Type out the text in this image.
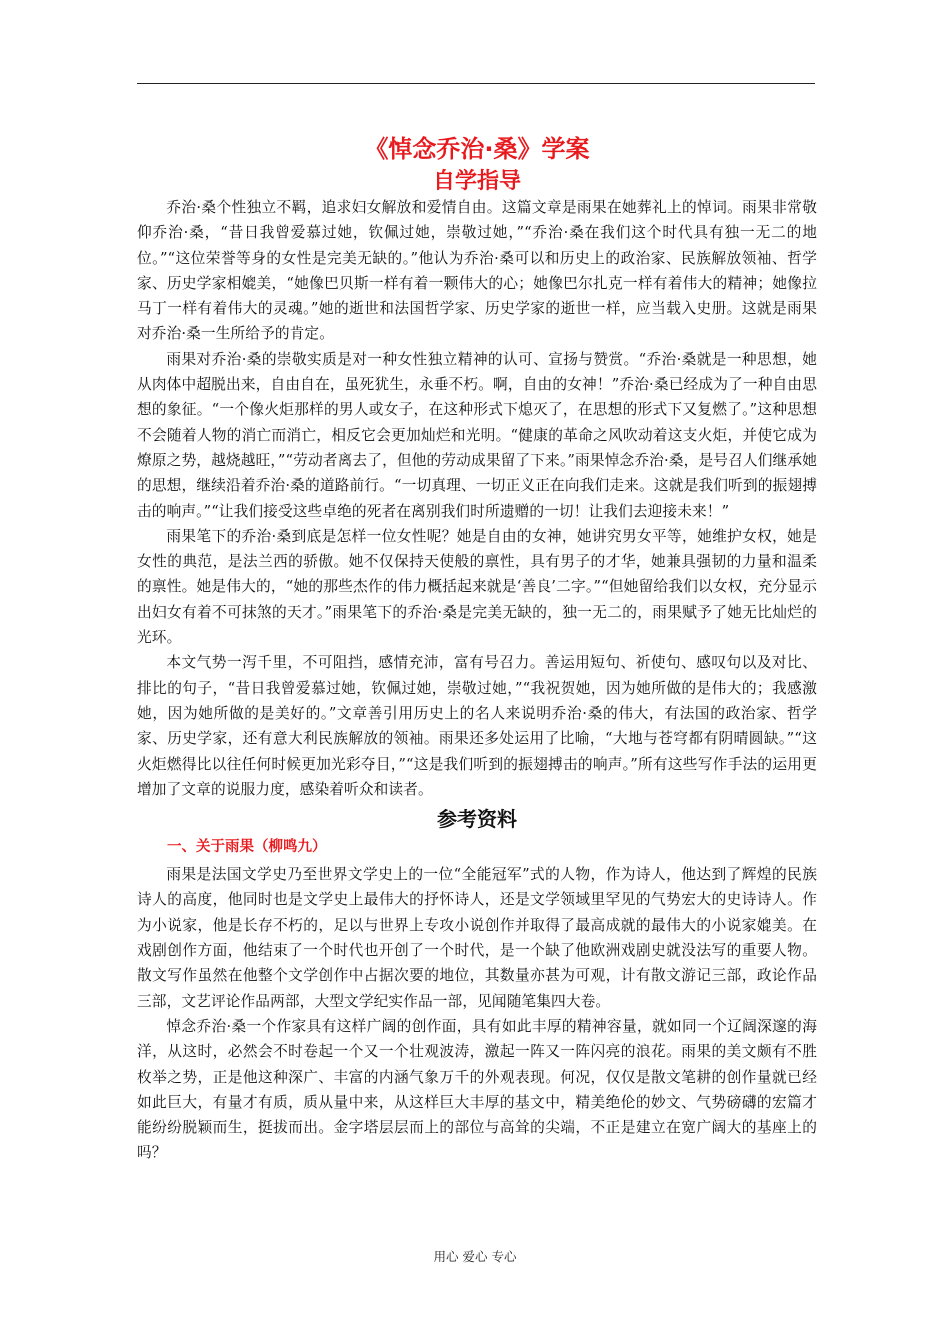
《悼念乔治·桑》学案
自学指导

乔治·桑个性独立不羁，追求妇女解放和爱情自由。这篇文章是雨果在她葬礼上的悼词。雨果非常敬仰乔治·桑，“昔日我曾爱慕过她，钦佩过她，崇敬过她，”“乔治·桑在我们这个时代具有独一无二的地位。”“这位荣誉等身的女性是完美无缺的。”他认为乔治·桑可以和历史上的政治家、民族解放领袖、哲学家、历史学家相媲美，“她像巴贝斯一样有着一颗伟大的心；她像巴尔扎克一样有着伟大的精神；她像拉马丁一样有着伟大的灵魂。”她的逝世和法国哲学家、历史学家的逝世一样，应当载入史册。这就是雨果对乔治·桑一生所给予的肯定。

雨果对乔治·桑的崇敬实质是对一种女性独立精神的认可、宣扬与赞赏。“乔治·桑就是一种思想，她从肉体中超脱出来，自由自在，虽死犹生，永垂不朽。啊，自由的女神！”乔治·桑已经成为了一种自由思想的象征。“一个像火炬那样的男人或女子，在这种形式下熄灭了，在思想的形式下又复燃了。”这种思想不会随着人物的消亡而消亡，相反它会更加灿烂和光明。“健康的革命之风吹动着这支火炬，并使它成为燎原之势，越烧越旺，”“劳动者离去了，但他的劳动成果留了下来。”雨果悼念乔治·桑，是号召人们继承她的思想，继续沿着乔治·桑的道路前行。“一切真理、一切正义正在向我们走来。这就是我们听到的振翅搏击的响声。”“让我们接受这些卓绝的死者在离别我们时所遗赠的一切！让我们去迎接未来！”

雨果笔下的乔治·桑到底是怎样一位女性呢？她是自由的女神，她讲究男女平等，她维护女权，她是女性的典范，是法兰西的骄傲。她不仅保持天使般的禀性，具有男子的才华，她兼具强韧的力量和温柔的禀性。她是伟大的，“她的那些杰作的伟力概括起来就是‘善良’二字。”“但她留给我们以女权，充分显示出妇女有着不可抹煞的天才。”雨果笔下的乔治·桑是完美无缺的，独一无二的，雨果赋予了她无比灿烂的光环。

本文气势一泻千里，不可阻挡，感情充沛，富有号召力。善运用短句、祈使句、感叹句以及对比、排比的句子，“昔日我曾爱慕过她，钦佩过她，崇敬过她，”“我祝贺她，因为她所做的是伟大的；我感激她，因为她所做的是美好的。”文章善引用历史上的名人来说明乔治·桑的伟大，有法国的政治家、哲学家、历史学家，还有意大利民族解放的领袖。雨果还多处运用了比喻，“大地与苍穹都有阴晴圆缺。”“这火炬燃得比以往任何时候更加光彩夺目，”“这是我们听到的振翅搏击的响声。”所有这些写作手法的运用更增加了文章的说服力度，感染着听众和读者。

参考资料
一、关于雨果（柳鸣九）

雨果是法国文学史乃至世界文学史上的一位“全能冠军”式的人物，作为诗人，他达到了辉煌的民族诗人的高度，他同时也是文学史上最伟大的抒怀诗人，还是文学领域里罕见的气势宏大的史诗诗人。作为小说家，他是长存不朽的，足以与世界上专攻小说创作并取得了最高成就的最伟大的小说家媲美。在戏剧创作方面，他结束了一个时代也开创了一个时代，是一个缺了他欧洲戏剧史就没法写的重要人物。散文写作虽然在他整个文学创作中占据次要的地位，其数量亦甚为可观，计有散文游记三部，政论作品三部，文艺评论作品两部，大型文学纪实作品一部，见闻随笔集四大卷。

悼念乔治·桑一个作家具有这样广阔的创作面，具有如此丰厚的精神容量，就如同一个辽阔深邃的海洋，从这时，必然会不时卷起一个又一个壮观波涛，激起一阵又一阵闪亮的浪花。雨果的美文颇有不胜枚举之势，正是他这种深广、丰富的内涵气象万千的外观表现。何况，仅仅是散文笔耕的创作量就已经如此巨大，有量才有质，质从量中来，从这样巨大丰厚的基文中，精美绝伦的妙文、气势磅礴的宏篇才能纷纷脱颖而生，挺拔而出。金字塔层层而上的部位与高耸的尖端，不正是建立在宽广阔大的基座上的吗？

用心 爱心 专心
